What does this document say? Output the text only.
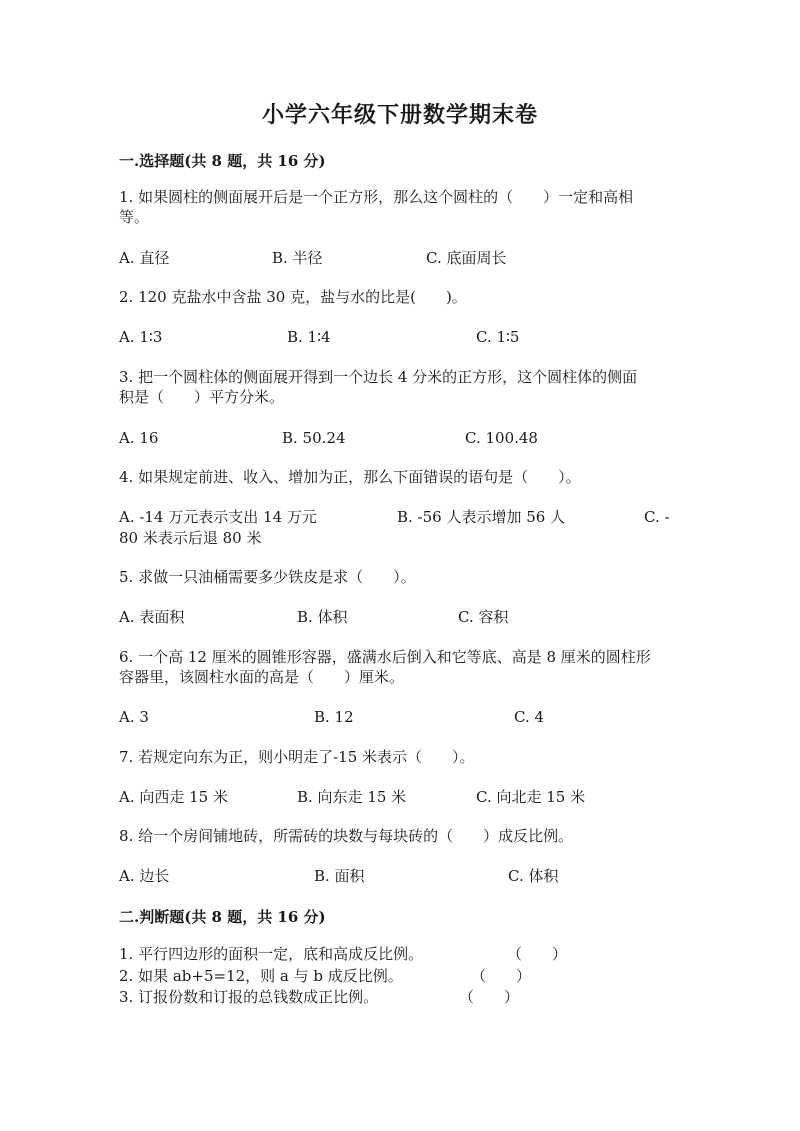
小学六年级下册数学期末卷
一.选择题(共 8 题，共 16 分)
1. 如果圆柱的侧面展开后是一个正方形，那么这个圆柱的（　　）一定和高相
等。
A. 直径	B. 半径	C. 底面周长
2. 120 克盐水中含盐 30 克，盐与水的比是(　　)。
A. 1∶3	B. 1∶4	C. 1∶5
3. 把一个圆柱体的侧面展开得到一个边长 4 分米的正方形，这个圆柱体的侧面
积是（　　）平方分米。
A. 16	B. 50.24	C. 100.48
4. 如果规定前进、收入、增加为正，那么下面错误的语句是（　　）。
A. -14 万元表示支出 14 万元	B. -56 人表示增加 56 人	C. -
80 米表示后退 80 米
5. 求做一只油桶需要多少铁皮是求（　　）。
A. 表面积	B. 体积	C. 容积
6. 一个高 12 厘米的圆锥形容器，盛满水后倒入和它等底、高是 8 厘米的圆柱形
容器里，该圆柱水面的高是（　　）厘米。
A. 3	B. 12	C. 4
7. 若规定向东为正，则小明走了-15 米表示（　　）。
A. 向西走 15 米	B. 向东走 15 米	C. 向北走 15 米
8. 给一个房间铺地砖，所需砖的块数与每块砖的（　　）成反比例。
A. 边长	B. 面积	C. 体积
二.判断题(共 8 题，共 16 分)
1. 平行四边形的面积一定，底和高成反比例。	（　　）
2. 如果 ab+5=12，则 a 与 b 成反比例。	（　　）
3. 订报份数和订报的总钱数成正比例。	（　　）
